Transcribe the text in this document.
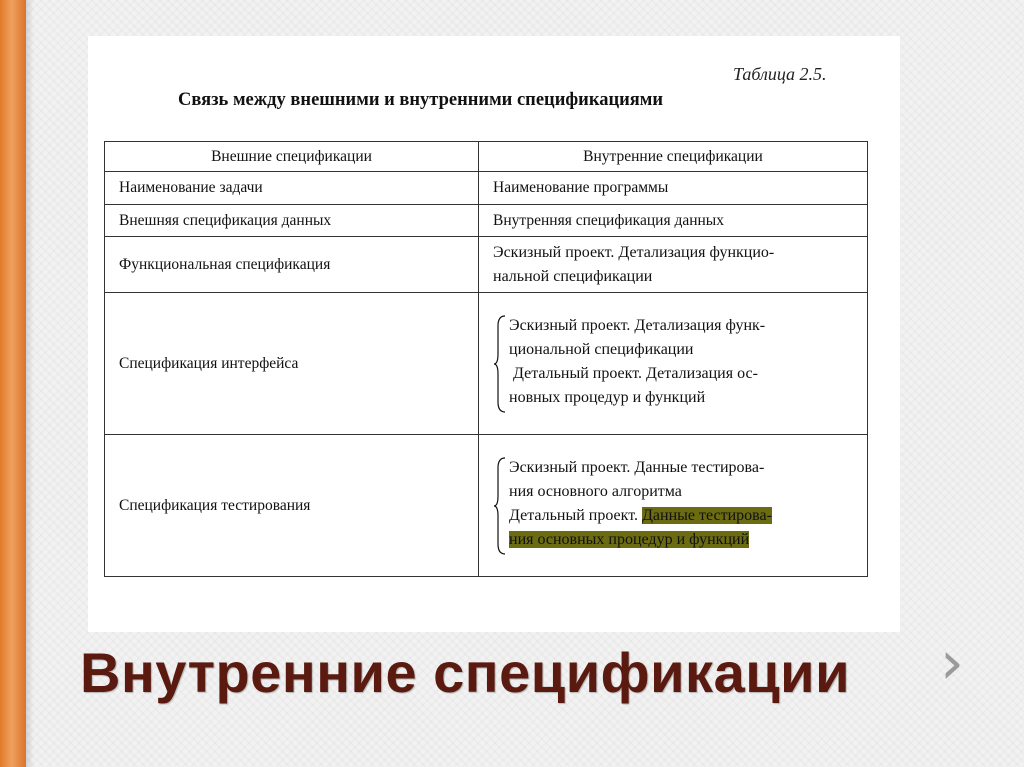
Таблица 2.5.
Связь между внешними и внутренними спецификациями
Внешние спецификации	Внутренние спецификации
Наименование задачи	Наименование программы
Внешняя спецификация данных	Внутренняя спецификация данных
Функциональная спецификация	Эскизный проект. Детализация функцио-
нальной спецификации

Спецификация интерфейса	Эскизный проект. Детализация функ-
циональной спецификации
Детальный проект. Детализация ос-
новных процедур и функций

Спецификация тестирования	Эскизный проект. Данные тестирова-
ния основного алгоритма
Детальный проект. Данные тестирова-
ния основных процедур и функций
Внутренние спецификации ›
